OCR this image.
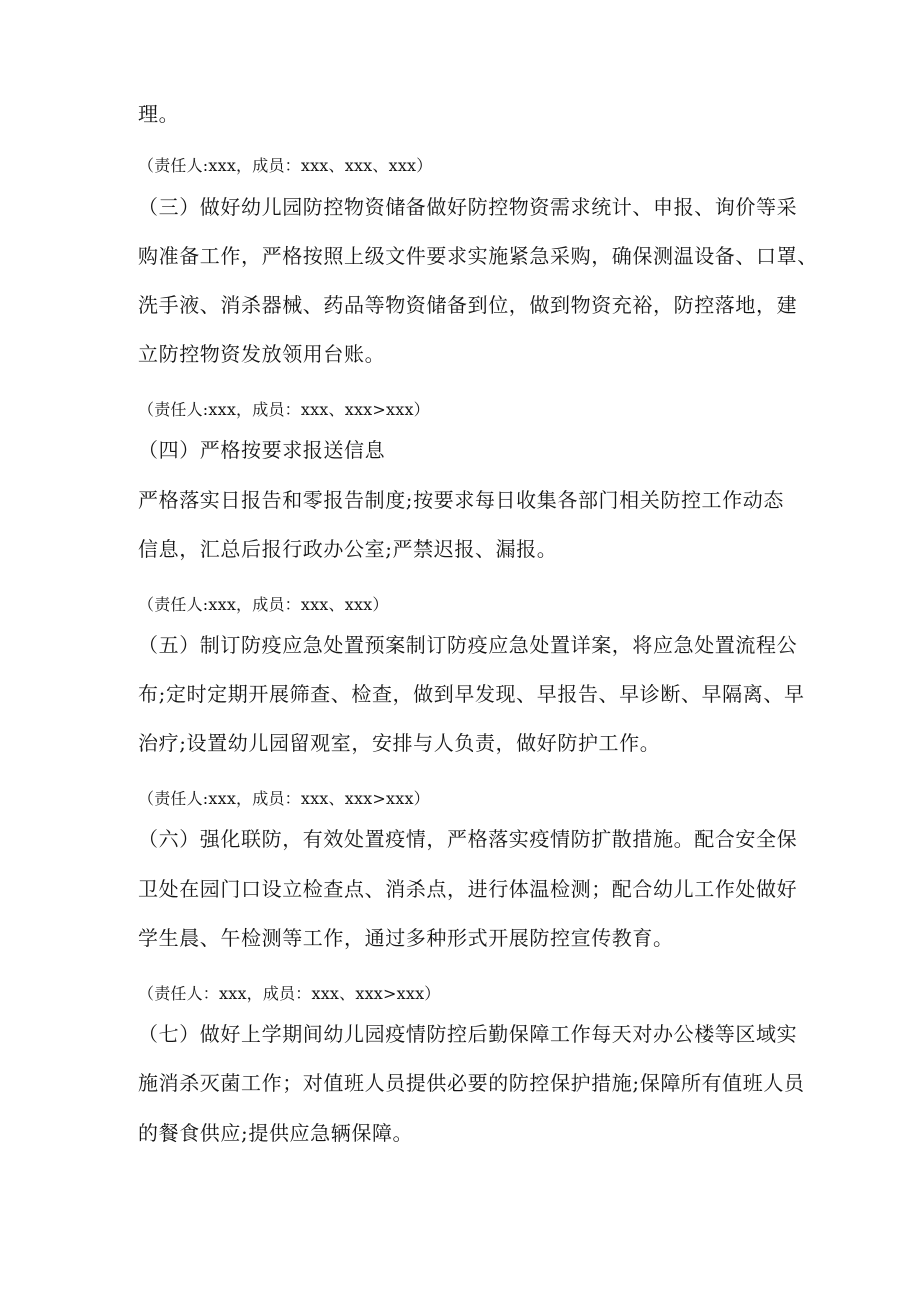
理。
（责任人:xxx，成员：xxx、xxx、xxx）
（三）做好幼儿园防控物资储备做好防控物资需求统计、申报、询价等采
购准备工作，严格按照上级文件要求实施紧急采购，确保测温设备、口罩、
洗手液、消杀器械、药品等物资储备到位，做到物资充裕，防控落地，建
立防控物资发放领用台账。
（责任人:xxx，成员：xxx、xxx>xxx）
（四）严格按要求报送信息
严格落实日报告和零报告制度;按要求每日收集各部门相关防控工作动态
信息，汇总后报行政办公室;严禁迟报、漏报。
（责任人:xxx，成员：xxx、xxx）
（五）制订防疫应急处置预案制订防疫应急处置详案，将应急处置流程公
布;定时定期开展筛查、检查，做到早发现、早报告、早诊断、早隔离、早
治疗;设置幼儿园留观室，安排与人负责，做好防护工作。
（责任人:xxx，成员：xxx、xxx>xxx）
（六）强化联防，有效处置疫情，严格落实疫情防扩散措施。配合安全保
卫处在园门口设立检查点、消杀点，进行体温检测；配合幼儿工作处做好
学生晨、午检测等工作，通过多种形式开展防控宣传教育。
（责任人：xxx，成员：xxx、xxx>xxx）
（七）做好上学期间幼儿园疫情防控后勤保障工作每天对办公楼等区域实
施消杀灭菌工作；对值班人员提供必要的防控保护措施;保障所有值班人员
的餐食供应;提供应急辆保障。
